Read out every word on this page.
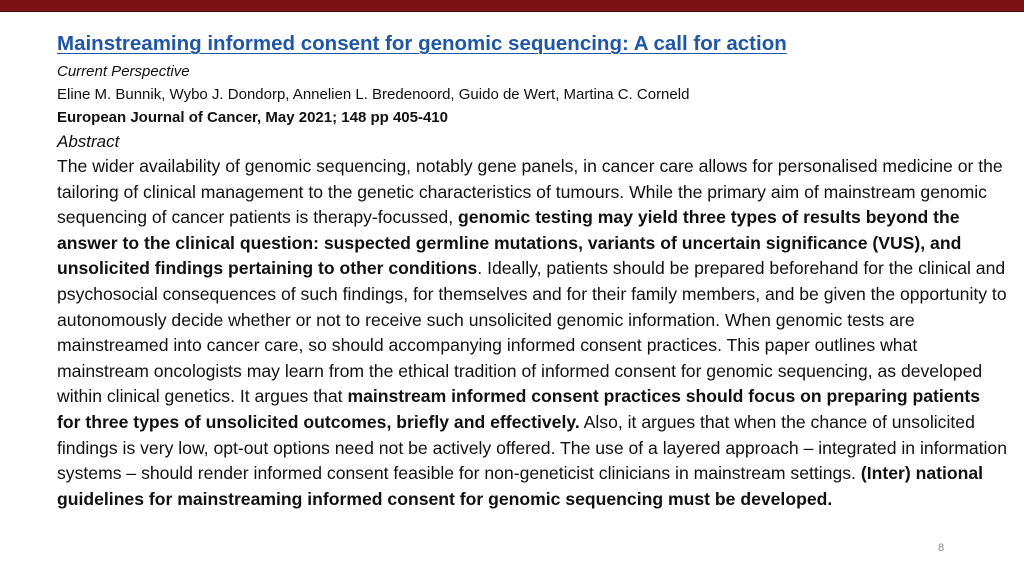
Mainstreaming informed consent for genomic sequencing: A call for action
Current Perspective
Eline M. Bunnik, Wybo J. Dondorp, Annelien L. Bredenoord, Guido de Wert, Martina C. Corneld
European Journal of Cancer, May 2021; 148 pp 405-410
Abstract

The wider availability of genomic sequencing, notably gene panels, in cancer care allows for personalised medicine or the tailoring of clinical management to the genetic characteristics of tumours. While the primary aim of mainstream genomic sequencing of cancer patients is therapy-focussed, genomic testing may yield three types of results beyond the answer to the clinical question: suspected germline mutations, variants of uncertain significance (VUS), and unsolicited findings pertaining to other conditions. Ideally, patients should be prepared beforehand for the clinical and psychosocial consequences of such findings, for themselves and for their family members, and be given the opportunity to autonomously decide whether or not to receive such unsolicited genomic information. When genomic tests are mainstreamed into cancer care, so should accompanying informed consent practices. This paper outlines what mainstream oncologists may learn from the ethical tradition of informed consent for genomic sequencing, as developed within clinical genetics. It argues that mainstream informed consent practices should focus on preparing patients for three types of unsolicited outcomes, briefly and effectively. Also, it argues that when the chance of unsolicited findings is very low, opt-out options need not be actively offered. The use of a layered approach – integrated in information systems – should render informed consent feasible for non-geneticist clinicians in mainstream settings. (Inter) national guidelines for mainstreaming informed consent for genomic sequencing must be developed.

8
